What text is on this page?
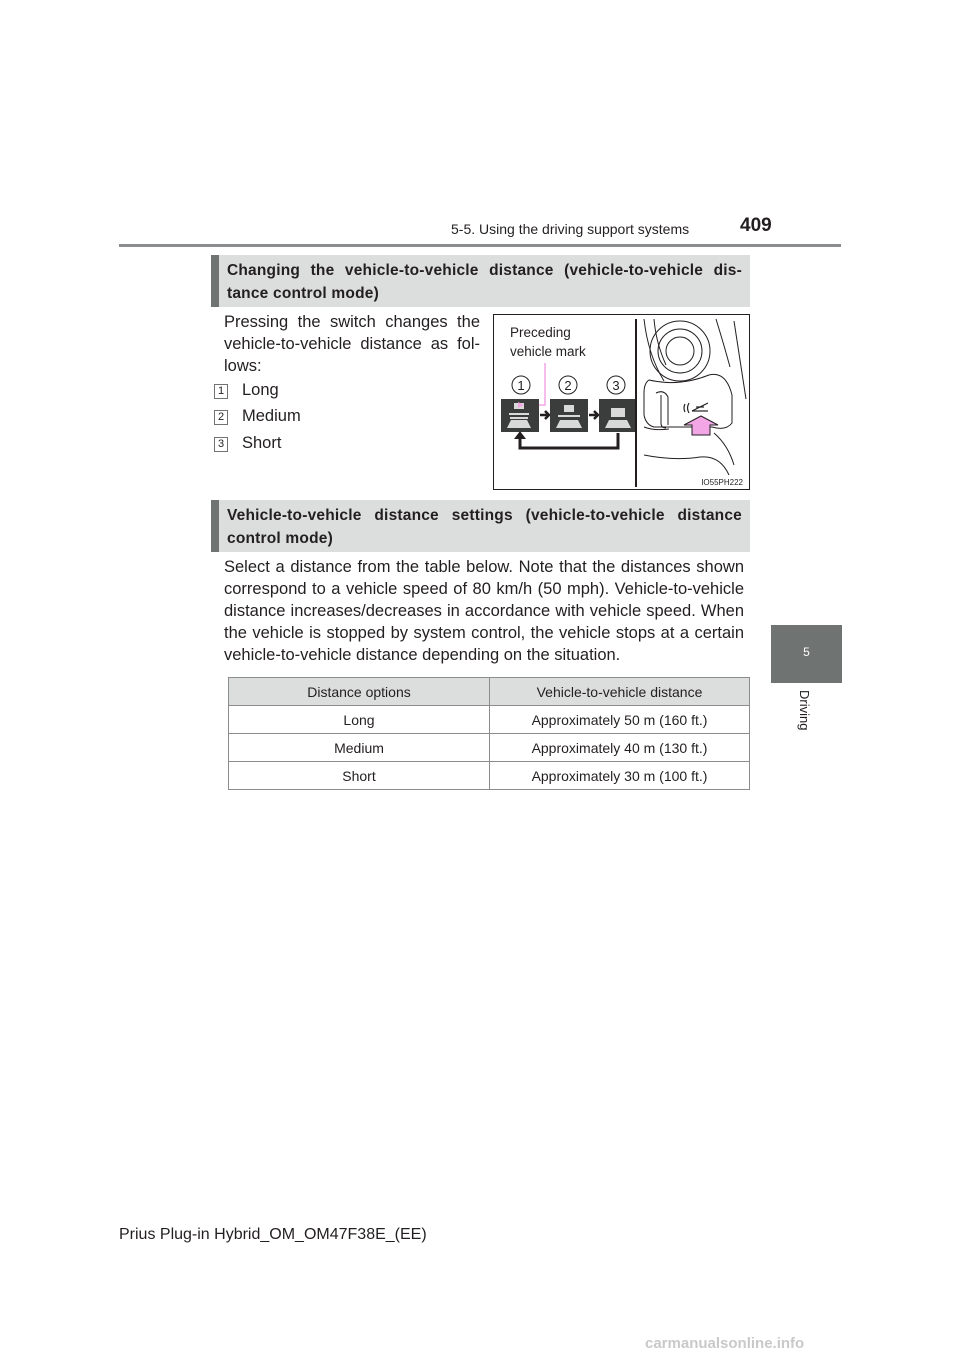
5-5. Using the driving support systems	409
5
Driving
Changing the vehicle-to-vehicle distance (vehicle-to-vehicle dis-tance control mode)
Pressing the switch changes the vehicle-to-vehicle distance as fol-lows:
1 Long
2 Medium
3 Short
Preceding
vehicle mark
1	2	3
IO55PH222
Vehicle-to-vehicle distance settings (vehicle-to-vehicle distance control mode)
Select a distance from the table below. Note that the distances shown correspond to a vehicle speed of 80 km/h (50 mph). Vehicle-to-vehicle distance increases/decreases in accordance with vehicle speed. When the vehicle is stopped by system control, the vehicle stops at a certain vehicle-to-vehicle distance depending on the situation.
Distance options	Vehicle-to-vehicle distance
Long	Approximately 50 m (160 ft.)
Medium	Approximately 40 m (130 ft.)
Short	Approximately 30 m (100 ft.)
Prius Plug-in Hybrid_OM_OM47F38E_(EE)
carmanualsonline.info
